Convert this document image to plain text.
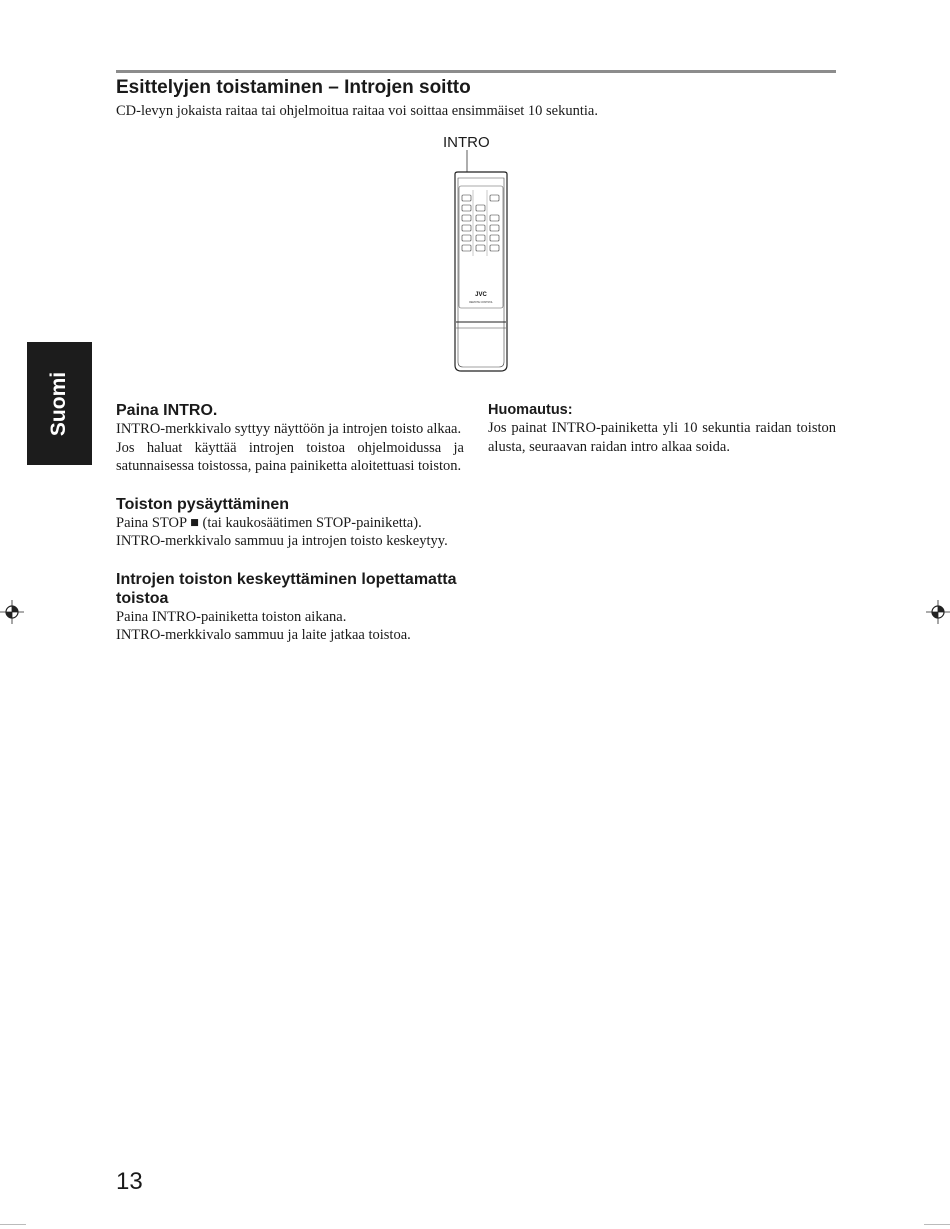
Esittelyjen toistaminen – Introjen soitto
CD-levyn jokaista raitaa tai ohjelmoitua raitaa voi soittaa ensimmäiset 10 sekuntia.
INTRO
JVC
REMOTE CONTROL
Suomi	Paina INTRO.

INTRO-merkkivalo syttyy näyttöön ja introjen toisto alkaa.

Jos haluat käyttää introjen toistoa ohjelmoidussa ja satunnaisessa toistossa, paina painiketta aloitettuasi toiston.

Toiston pysäyttäminen

Paina STOP ■ (tai kaukosäätimen STOP-painiketta).

INTRO-merkkivalo sammuu ja introjen toisto keskeytyy.

Introjen toiston keskeyttäminen lopettamatta toistoa

Paina INTRO-painiketta toiston aikana.

INTRO-merkkivalo sammuu ja laite jatkaa toistoa.

Huomautus:

Jos painat INTRO-painiketta yli 10 sekuntia raidan toiston alusta, seuraavan raidan intro alkaa soida.

13
